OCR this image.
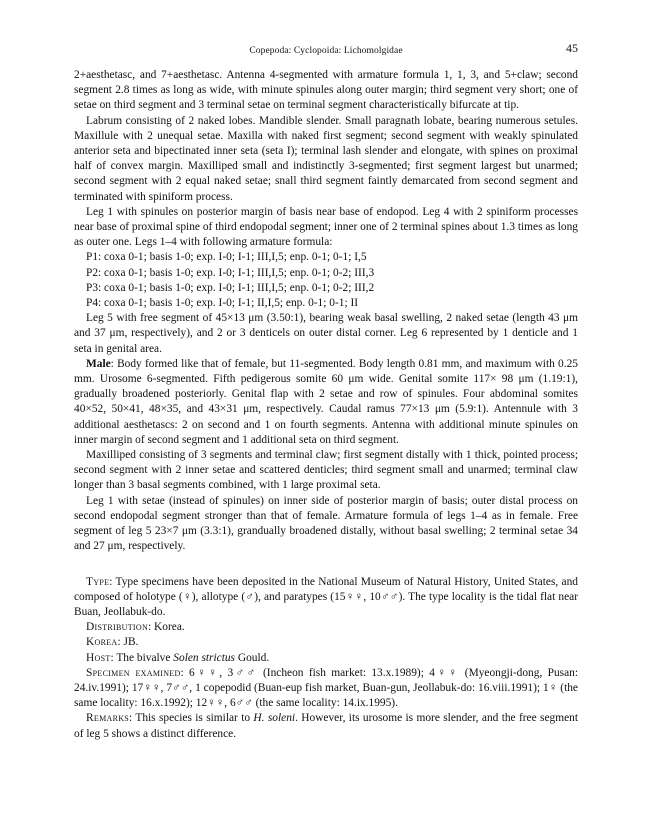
Copepoda: Cyclopoida: Lichomolgidae	45

2+aesthetasc, and 7+aesthetasc. Antenna 4-segmented with armature formula 1, 1, 3, and 5+claw; second segment 2.8 times as long as wide, with minute spinules along outer margin; third segment very short; one of setae on third segment and 3 terminal setae on terminal segment characteristically bifurcate at tip.

Labrum consisting of 2 naked lobes. Mandible slender. Small paragnath lobate, bearing numerous setules. Maxillule with 2 unequal setae. Maxilla with naked first segment; second segment with weakly spinulated anterior seta and bipectinated inner seta (seta I); terminal lash slender and elongate, with spines on proximal half of convex margin. Maxilliped small and indistinctly 3-segmented; first segment largest but unarmed; second segment with 2 equal naked setae; snall third segment faintly demarcated from second segment and terminated with spiniform process.

Leg 1 with spinules on posterior margin of basis near base of endopod. Leg 4 with 2 spiniform processes near base of proximal spine of third endopodal segment; inner one of 2 terminal spines about 1.3 times as long as outer one. Legs 1–4 with following armature formula:

P1: coxa 0-1; basis 1-0; exp. I-0; I-1; III,I,5; enp. 0-1; 0-1; I,5
P2: coxa 0-1; basis 1-0; exp. I-0; I-1; III,I,5; enp. 0-1; 0-2; III,3
P3: coxa 0-1; basis 1-0; exp. I-0; I-1; III,I,5; enp. 0-1; 0-2; III,2
P4: coxa 0-1; basis 1-0; exp. I-0; I-1; II,I,5; enp. 0-1; 0-1; II

Leg 5 with free segment of 45×13 μm (3.50:1), bearing weak basal swelling, 2 naked setae (length 43 μm and 37 μm, respectively), and 2 or 3 denticels on outer distal corner. Leg 6 represented by 1 denticle and 1 seta in genital area.

Male: Body formed like that of female, but 11-segmented. Body length 0.81 mm, and maximum with 0.25 mm. Urosome 6-segmented. Fifth pedigerous somite 60 μm wide. Genital somite 117× 98 μm (1.19:1), gradually broadened posteriorly. Genital flap with 2 setae and row of spinules. Four abdominal somites 40×52, 50×41, 48×35, and 43×31 μm, respectively. Caudal ramus 77×13 μm (5.9:1). Antennule with 3 additional aesthetascs: 2 on second and 1 on fourth segments. Antenna with additional minute spinules on inner margin of second segment and 1 additional seta on third segment.

Maxilliped consisting of 3 segments and terminal claw; first segment distally with 1 thick, pointed process; second segment with 2 inner setae and scattered denticles; third segment small and unarmed; terminal claw longer than 3 basal segments combined, with 1 large proximal seta.

Leg 1 with setae (instead of spinules) on inner side of posterior margin of basis; outer distal process on second endopodal segment stronger than that of female. Armature formula of legs 1–4 as in female. Free segment of leg 5 23×7 μm (3.3:1), grandually broadened distally, without basal swelling; 2 terminal setae 34 and 27 μm, respectively.

Type: Type specimens have been deposited in the National Museum of Natural History, United States, and composed of holotype (♀), allotype (♂), and paratypes (15♀♀, 10♂♂). The type locality is the tidal flat near Buan, Jeollabuk-do.

Distribution: Korea.

Korea: JB.

Host: The bivalve Solen strictus Gould.

Specimen examined: 6♀♀, 3♂♂ (Incheon fish market: 13.x.1989); 4♀♀ (Myeongji-dong, Pusan: 24.iv.1991); 17♀♀, 7♂♂, 1 copepodid (Buan-eup fish market, Buan-gun, Jeollabuk-do: 16.viii.1991); 1♀ (the same locality: 16.x.1992); 12♀♀, 6♂♂ (the same locality: 14.ix.1995).

Remarks: This species is similar to H. soleni. However, its urosome is more slender, and the free segment of leg 5 shows a distinct difference.
